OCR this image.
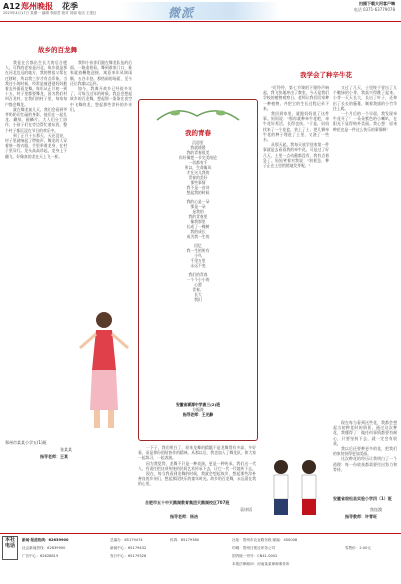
A12 郑州晚报 花季
2023年4月17日 星期一 编辑 李丽君 校对 刘丽 电话 王建巨	微派
扫描下载大河客户端
电话 0371-63779078
故乡的百龙舞

我是在合都出生长大的后合肥人。可我的老家是河北，故乡就是那在河北边远的地方，我的曾祖父辈在迁移时，所以我三岁才有点印象。当我还小的时候，经常是被爸爸妈妈抱着去外面看龙舞。每年从正月初一到十五，村子里都要舞龙，因为我们村叫百龙村，在我们的村子里，每家每户都会舞龙。

就在舞龙前几天，我们会看到爷爷奶奶们忙碌的身影，他们在一起扎龙、糊纸、画鳞片。大人们分工协作，小孩子们在旁边帮忙递东西，整个村子都沉浸在节日的欢乐中。

到了正月十五那天，天还没亮，村子里就响起了锣鼓声。舞龙的人穿着统一的衣服，手里举着龙身，在村子里穿行。龙头高高昂起，龙身上下翻飞，好像真的龙在天上飞一样。

我和小伙伴们跟在舞龙队伍的后面，一路追着看。舞到谁家门口，谁家就放鞭炮迎接，寓意来年风调雨顺、五谷丰登。那热闹的场面，至今还让我难以忘怀。

如今，我离开故乡已经很多年了，可每当过年的时候，我总会想起故乡的百龙舞，想起那一条条在夜空中飞舞的龙，想起那些淳朴的乡亲们。

我的青春
沉思里
我就缓缓
我的青春很美
你好像把一节完美结论
一切都有千
所以，生命像风
才在这儿我的
青春的美好
那些事情
我不是一首诗
想起我的时候
我的心是一朵
那是一朵
是我的
我的青春里
像我那里
长成了一棵树
我的成长
成为我一生的
回忆
我一生的所有
小鸟
千里万里
永远不变
我们的青春
一个个小小的
心愿
青春，
长大
我们
安徽省颍源中学高三(2)班
方振涛
指导老师：王光静

一下子，我们明白了，原来龙舞的精髓不是龙舞得有多高、多好看，而是那份团结协作的精神。从那以后，我也加入了舞龙队，和大家一起练习，一起表演。

因为我觉得，龙舞不只是一种表演，更是一种传承。我们这一代人，有责任把这项传统的民间艺术传承下去，让它一代一代地传下去。

现在，每当我看到龙舞的时候，我就会想起故乡，想起那些淳朴善良的乡亲们，想起那段快乐的童年时光。故乡的百龙舞，永远留在我的心里。

合肥市五十中天鹅湖教育集团天鹅湖校区707班
袁诗语
指导老师：杨洁
我学会了种辛牛花

"叮铃铃，第七节课的下课铃声响起，我飞快地冲出了教室。今天是我们学校的植物观察日，老师让我们回家种一种植物，并把它的生长过程记录下来。

我回到家里，就跟妈妈说了这件事。妈妈说："那你就种牵牛花吧，牵牛花好养活，长得也快。"于是，妈妈找来了一个花盆，装上了土，把几颗牵牛花的种子埋进了土里，又浇了一些水。

从那天起，我每天放学回家第一件事就是去看看我的牵牛花。可是过了好几天，土里一点动静都没有，我有点着急了。妈妈笑着对我说："别着急，种子正在土里悄悄地发芽呢。"

又过了几天，土里终于冒出了几个嫩绿的小芽，我高兴得跳了起来。小芽一天天长大，长出了叶子，还伸出了长长的藤蔓，顺着我插的小竹竿往上爬。

一个月后的一个早晨，我发现牵牛花开了！一朵朵紫色的小喇叭，在阳光下显得格外美丽。我心想：原来种花也是一件这么快乐的事情啊！

现在每当看到这些花，我都会想起当初种花时的情景。通过这次种花，我懂得了：做任何事情都要有耐心，只要坚持下去，就一定会有收获。

我以后还要种更多的花，把我们的家装扮得更加美丽。

这次种花的经历让我明白了一个道理：每一份收获都需要付出努力和等待。

安徽省宿松县实验小学四（1）班
焦钰漠
指导教师：许青旺
郑州市某某小学五(1)班
张某某
指导老师：王某
本社电话
新闻·报道热线：62639900	总编办：65179474	传真：65179380
社会新闻热线：62639900	新闻中心：65179432
广告中心：62628819	发行中心：65179326
社址：郑州市农业路东段 邮编：450008
印刷：郑州日报社印务公司	零售价：2.00元
国内统一刊号：CN41-0002
本报法律顾问：河南某某律师事务所
